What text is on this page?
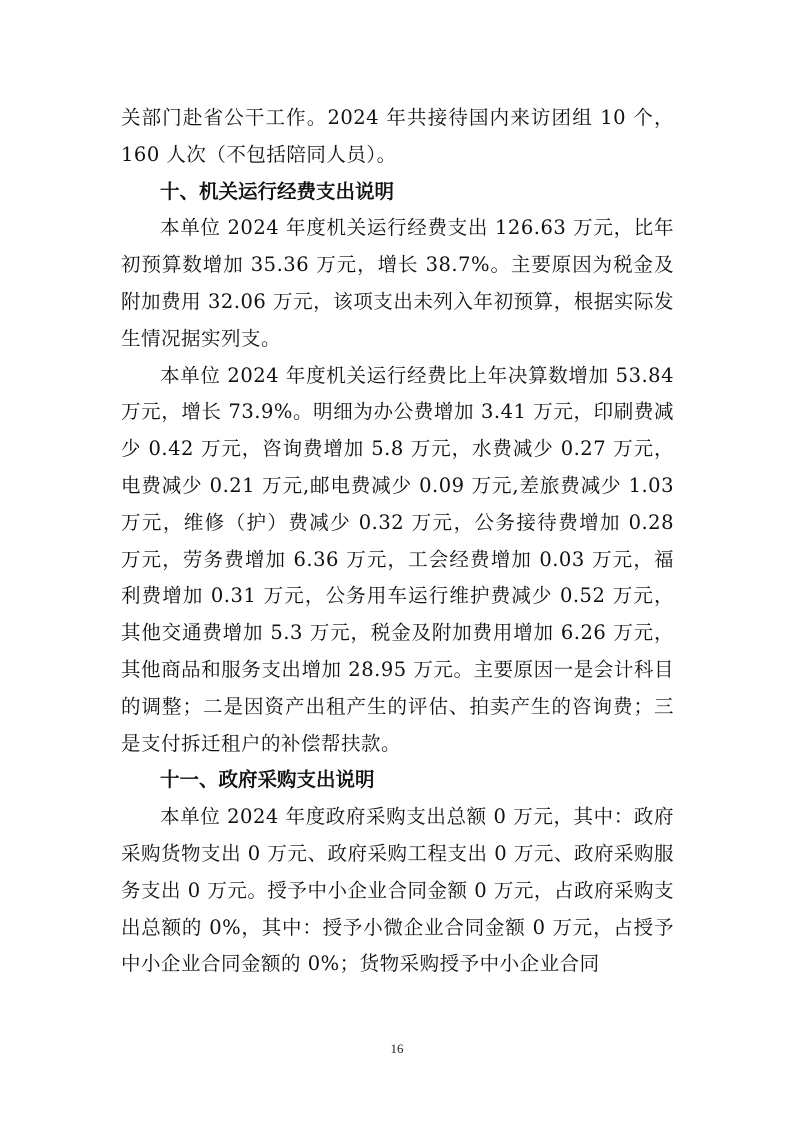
关部门赴省公干工作。2024 年共接待国内来访团组 10 个，160 人次（不包括陪同人员）。

十、机关运行经费支出说明

本单位 2024 年度机关运行经费支出 126.63 万元，比年初预算数增加 35.36 万元，增长 38.7%。主要原因为税金及附加费用 32.06 万元，该项支出未列入年初预算，根据实际发生情况据实列支。

本单位 2024 年度机关运行经费比上年决算数增加 53.84 万元，增长 73.9%。明细为办公费增加 3.41 万元，印刷费减少 0.42 万元，咨询费增加 5.8 万元，水费减少 0.27 万元，电费减少 0.21 万元,邮电费减少 0.09 万元,差旅费减少 1.03 万元，维修（护）费减少 0.32 万元，公务接待费增加 0.28 万元，劳务费增加 6.36 万元，工会经费增加 0.03 万元，福利费增加 0.31 万元，公务用车运行维护费减少 0.52 万元，其他交通费增加 5.3 万元，税金及附加费用增加 6.26 万元，其他商品和服务支出增加 28.95 万元。主要原因一是会计科目的调整；二是因资产出租产生的评估、拍卖产生的咨询费；三是支付拆迁租户的补偿帮扶款。

十一、政府采购支出说明

本单位 2024 年度政府采购支出总额 0 万元，其中：政府采购货物支出 0 万元、政府采购工程支出 0 万元、政府采购服务支出 0 万元。授予中小企业合同金额 0 万元，占政府采购支出总额的 0%，其中：授予小微企业合同金额 0 万元，占授予中小企业合同金额的 0%；货物采购授予中小企业合同

16
